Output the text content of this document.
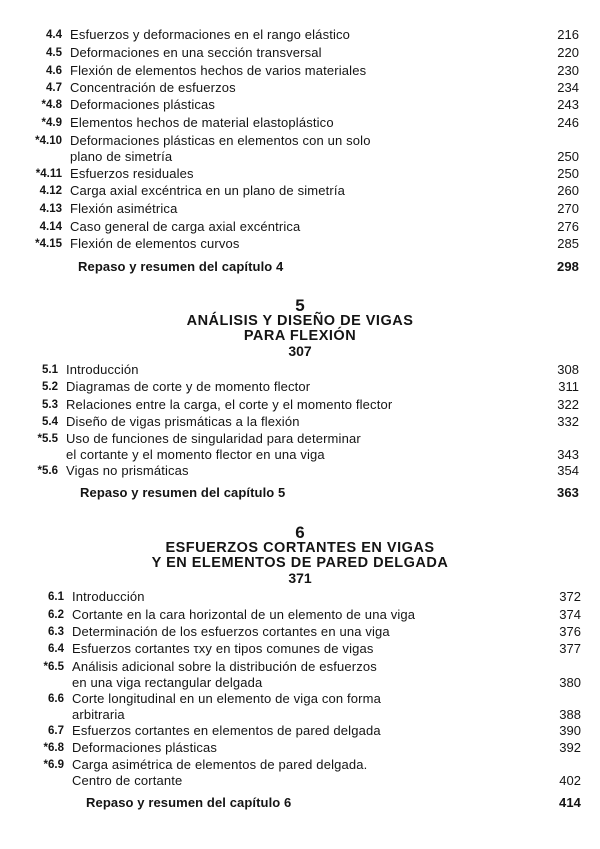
4.4 Esfuerzos y deformaciones en el rango elástico	216
4.5 Deformaciones en una sección transversal	220
4.6 Flexión de elementos hechos de varios materiales	230
4.7 Concentración de esfuerzos	234
*4.8 Deformaciones plásticas	243
*4.9 Elementos hechos de material elastoplástico	246
*4.10 Deformaciones plásticas en elementos con un solo
plano de simetría	250
*4.11 Esfuerzos residuales	250
4.12 Carga axial excéntrica en un plano de simetría	260
4.13 Flexión asimétrica	270
4.14 Caso general de carga axial excéntrica	276
*4.15 Flexión de elementos curvos	285
Repaso y resumen del capítulo 4	298
5
ANÁLISIS Y DISEÑO DE VIGAS
PARA FLEXIÓN
307
5.1 Introducción	308
5.2 Diagramas de corte y de momento flector	311
5.3 Relaciones entre la carga, el corte y el momento flector	322
5.4 Diseño de vigas prismáticas a la flexión	332
*5.5 Uso de funciones de singularidad para determinar
el cortante y el momento flector en una viga	343
*5.6 Vigas no prismáticas	354
Repaso y resumen del capítulo 5	363
6
ESFUERZOS CORTANTES EN VIGAS
Y EN ELEMENTOS DE PARED DELGADA
371
6.1 Introducción	372
6.2 Cortante en la cara horizontal de un elemento de una viga	374
6.3 Determinación de los esfuerzos cortantes en una viga	376
6.4 Esfuerzos cortantes τxy en tipos comunes de vigas	377
*6.5 Análisis adicional sobre la distribución de esfuerzos
en una viga rectangular delgada	380
6.6 Corte longitudinal en un elemento de viga con forma
arbitraria	388
6.7 Esfuerzos cortantes en elementos de pared delgada	390
*6.8 Deformaciones plásticas	392
*6.9 Carga asimétrica de elementos de pared delgada.
Centro de cortante	402
Repaso y resumen del capítulo 6	414
